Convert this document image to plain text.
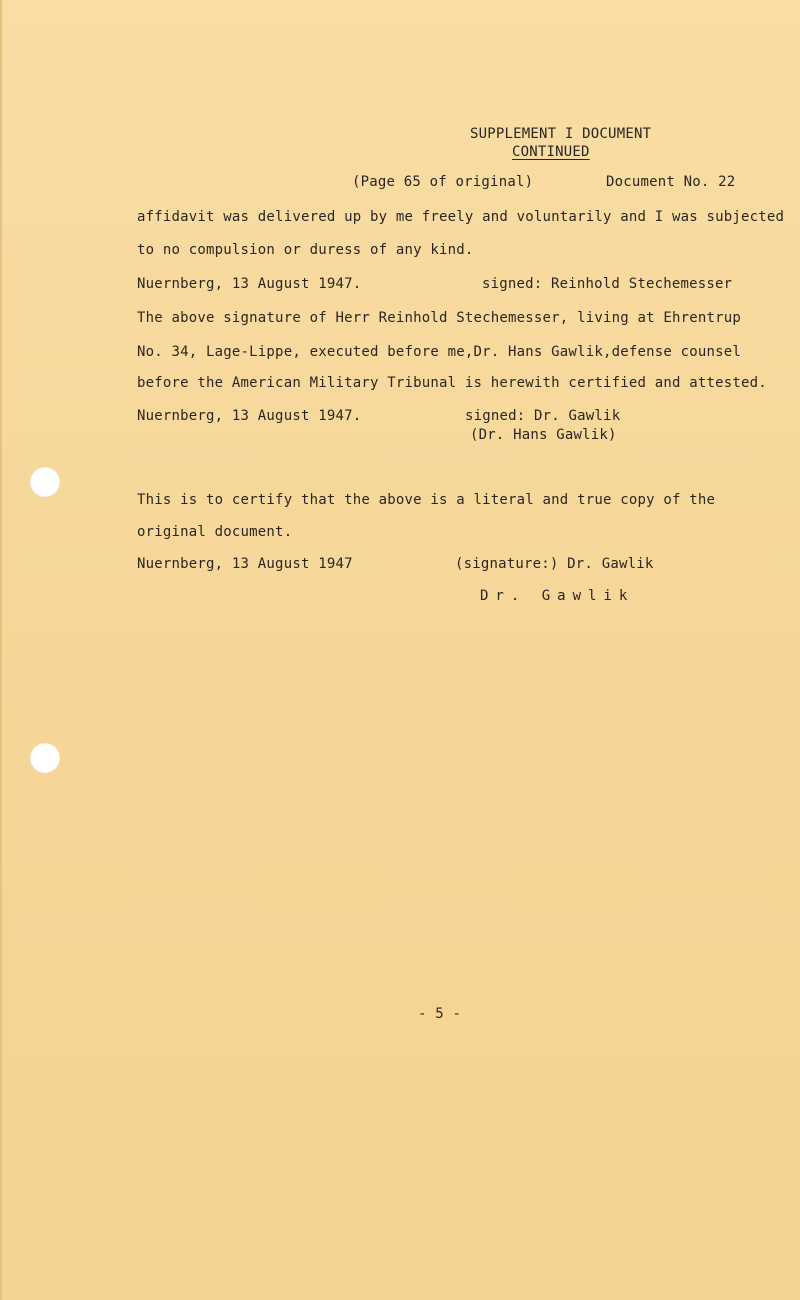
SUPPLEMENT I DOCUMENT
CONTINUED
(Page 65 of original)	Document No. 22
affidavit was delivered up by me freely and voluntarily and I was subjected
to no compulsion or duress of any kind.
Nuernberg, 13 August 1947.	signed: Reinhold Stechemesser
The above signature of Herr Reinhold Stechemesser, living at Ehrentrup
No. 34, Lage-Lippe, executed before me,Dr. Hans Gawlik,defense counsel
before the American Military Tribunal is herewith certified and attested.
Nuernberg, 13 August 1947.	signed: Dr. Gawlik
(Dr. Hans Gawlik)
This is to certify that the above is a literal and true copy of the
original document.
Nuernberg, 13 August 1947	(signature:) Dr. Gawlik
Dr. Gawlik
- 5 -
